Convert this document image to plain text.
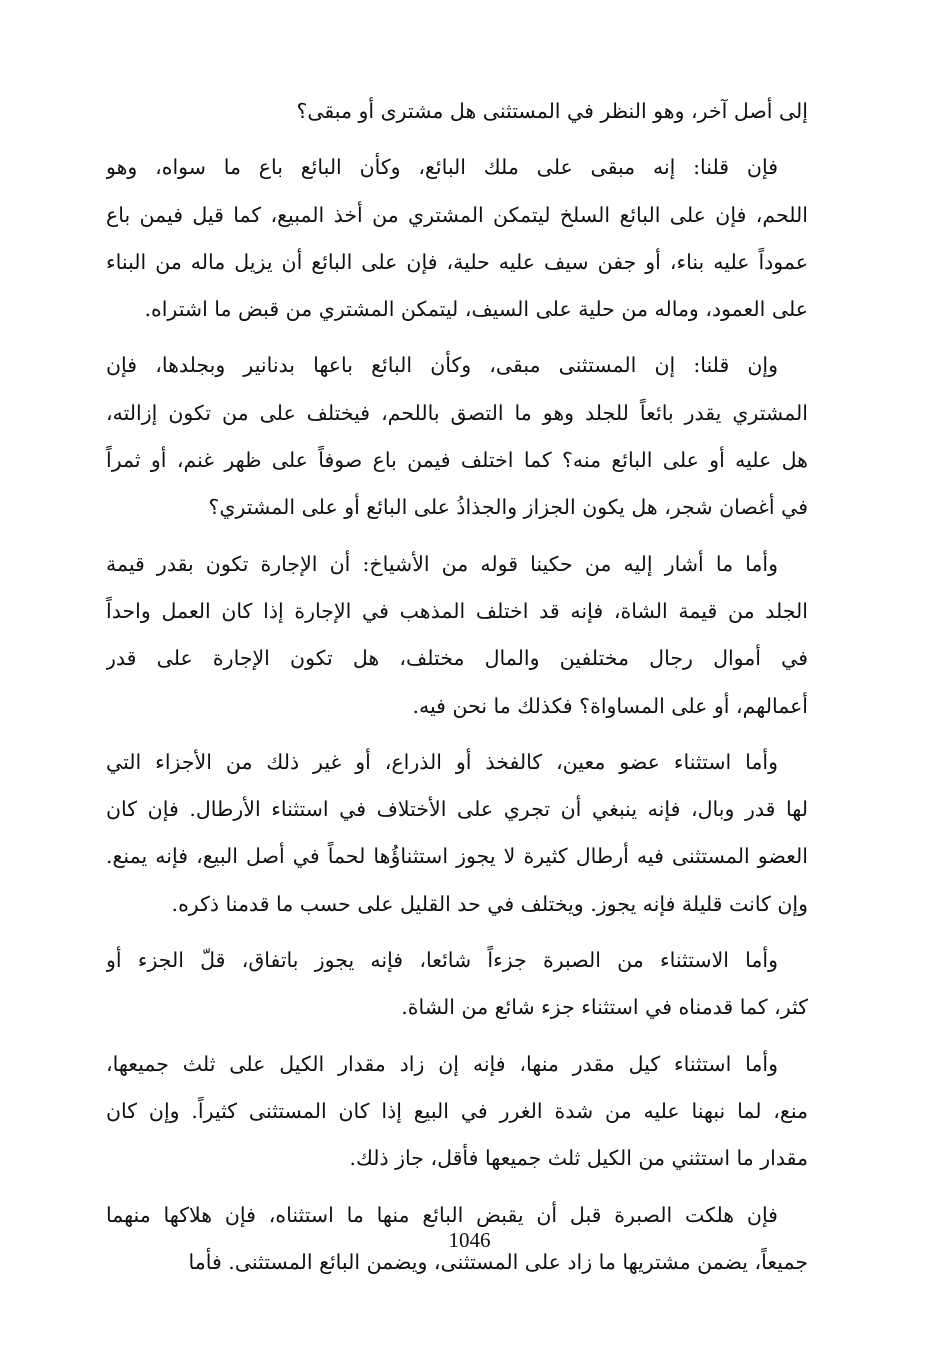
إلى أصل آخر، وهو النظر في المستثنى هل مشترى أو مبقى؟
فإن قلنا: إنه مبقى على ملك البائع، وكأن البائع باع ما سواه، وهو
اللحم، فإن على البائع السلخ ليتمكن المشتري من أخذ المبيع، كما قيل فيمن باع
عموداً عليه بناء، أو جفن سيف عليه حلية، فإن على البائع أن يزيل ماله من البناء
على العمود، وماله من حلية على السيف، ليتمكن المشتري من قبض ما اشتراه.
وإن قلنا: إن المستثنى مبقى، وكأن البائع باعها بدنانير وبجلدها، فإن
المشتري يقدر بائعاً للجلد وهو ما التصق باللحم، فيختلف على من تكون إزالته،
هل عليه أو على البائع منه؟ كما اختلف فيمن باع صوفاً على ظهر غنم، أو ثمراً
في أغصان شجر، هل يكون الجزاز والجذاذُ على البائع أو على المشتري؟
وأما ما أشار إليه من حكينا قوله من الأشياخ: أن الإجارة تكون بقدر قيمة
الجلد من قيمة الشاة، فإنه قد اختلف المذهب في الإجارة إذا كان العمل واحداً
في أموال رجال مختلفين والمال مختلف، هل تكون الإجارة على قدر
أعمالهم، أو على المساواة؟ فكذلك ما نحن فيه.
وأما استثناء عضو معين، كالفخذ أو الذراع، أو غير ذلك من الأجزاء التي
لها قدر وبال، فإنه ينبغي أن تجري على الأختلاف في استثناء الأرطال. فإن كان
العضو المستثنى فيه أرطال كثيرة لا يجوز استثناؤُها لحماً في أصل البيع، فإنه يمنع.
وإن كانت قليلة فإنه يجوز. ويختلف في حد القليل على حسب ما قدمنا ذكره.
وأما الاستثناء من الصبرة جزءاً شائعا، فإنه يجوز باتفاق، قلّ الجزء أو
كثر، كما قدمناه في استثناء جزء شائع من الشاة.
وأما استثناء كيل مقدر منها، فإنه إن زاد مقدار الكيل على ثلث جميعها،
منع، لما نبهنا عليه من شدة الغرر في البيع إذا كان المستثنى كثيراً. وإن كان
مقدار ما استثني من الكيل ثلث جميعها فأقل، جاز ذلك.
فإن هلكت الصبرة قبل أن يقبض البائع منها ما استثناه، فإن هلاكها منهما
جميعاً، يضمن مشتريها ما زاد على المستثنى، ويضمن البائع المستثنى. فأما
1046
